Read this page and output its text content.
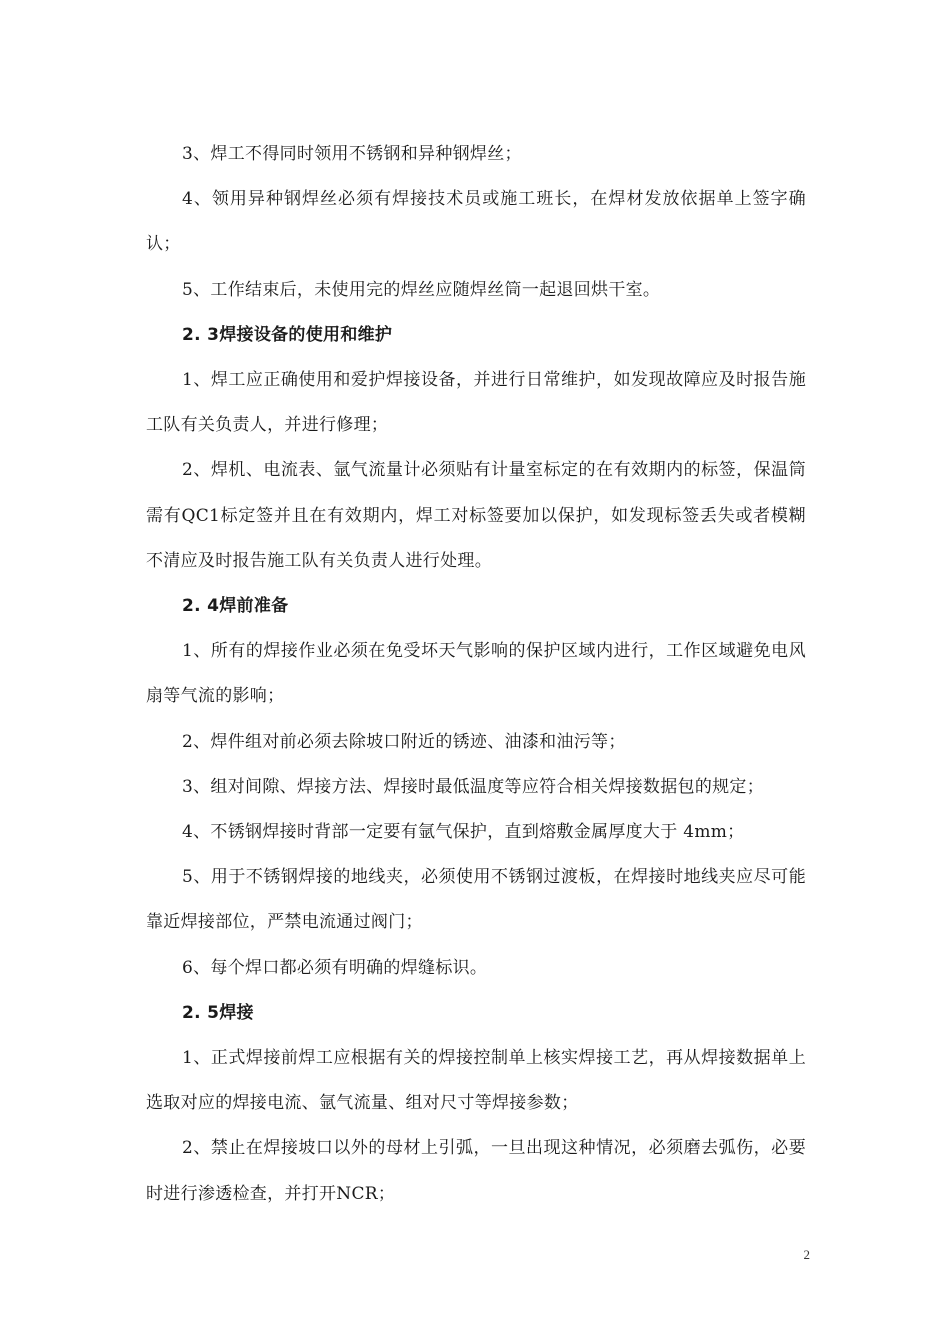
3、焊工不得同时领用不锈钢和异种钢焊丝；

4、领用异种钢焊丝必须有焊接技术员或施工班长，在焊材发放依据单上签字确认；

5、工作结束后，未使用完的焊丝应随焊丝筒一起退回烘干室。

2. 3焊接设备的使用和维护

1、焊工应正确使用和爱护焊接设备，并进行日常维护，如发现故障应及时报告施工队有关负责人，并进行修理；

2、焊机、电流表、氩气流量计必须贴有计量室标定的在有效期内的标签，保温筒需有QC1标定签并且在有效期内，焊工对标签要加以保护，如发现标签丢失或者模糊不清应及时报告施工队有关负责人进行处理。

2. 4焊前准备

1、所有的焊接作业必须在免受坏天气影响的保护区域内进行，工作区域避免电风扇等气流的影响；

2、焊件组对前必须去除坡口附近的锈迹、油漆和油污等；

3、组对间隙、焊接方法、焊接时最低温度等应符合相关焊接数据包的规定；

4、不锈钢焊接时背部一定要有氩气保护，直到熔敷金属厚度大于 4mm；

5、用于不锈钢焊接的地线夹，必须使用不锈钢过渡板，在焊接时地线夹应尽可能靠近焊接部位，严禁电流通过阀门；

6、每个焊口都必须有明确的焊缝标识。

2. 5焊接

1、正式焊接前焊工应根据有关的焊接控制单上核实焊接工艺，再从焊接数据单上选取对应的焊接电流、氩气流量、组对尺寸等焊接参数；

2、禁止在焊接坡口以外的母材上引弧，一旦出现这种情况，必须磨去弧伤，必要时进行渗透检查，并打开NCR；

2
